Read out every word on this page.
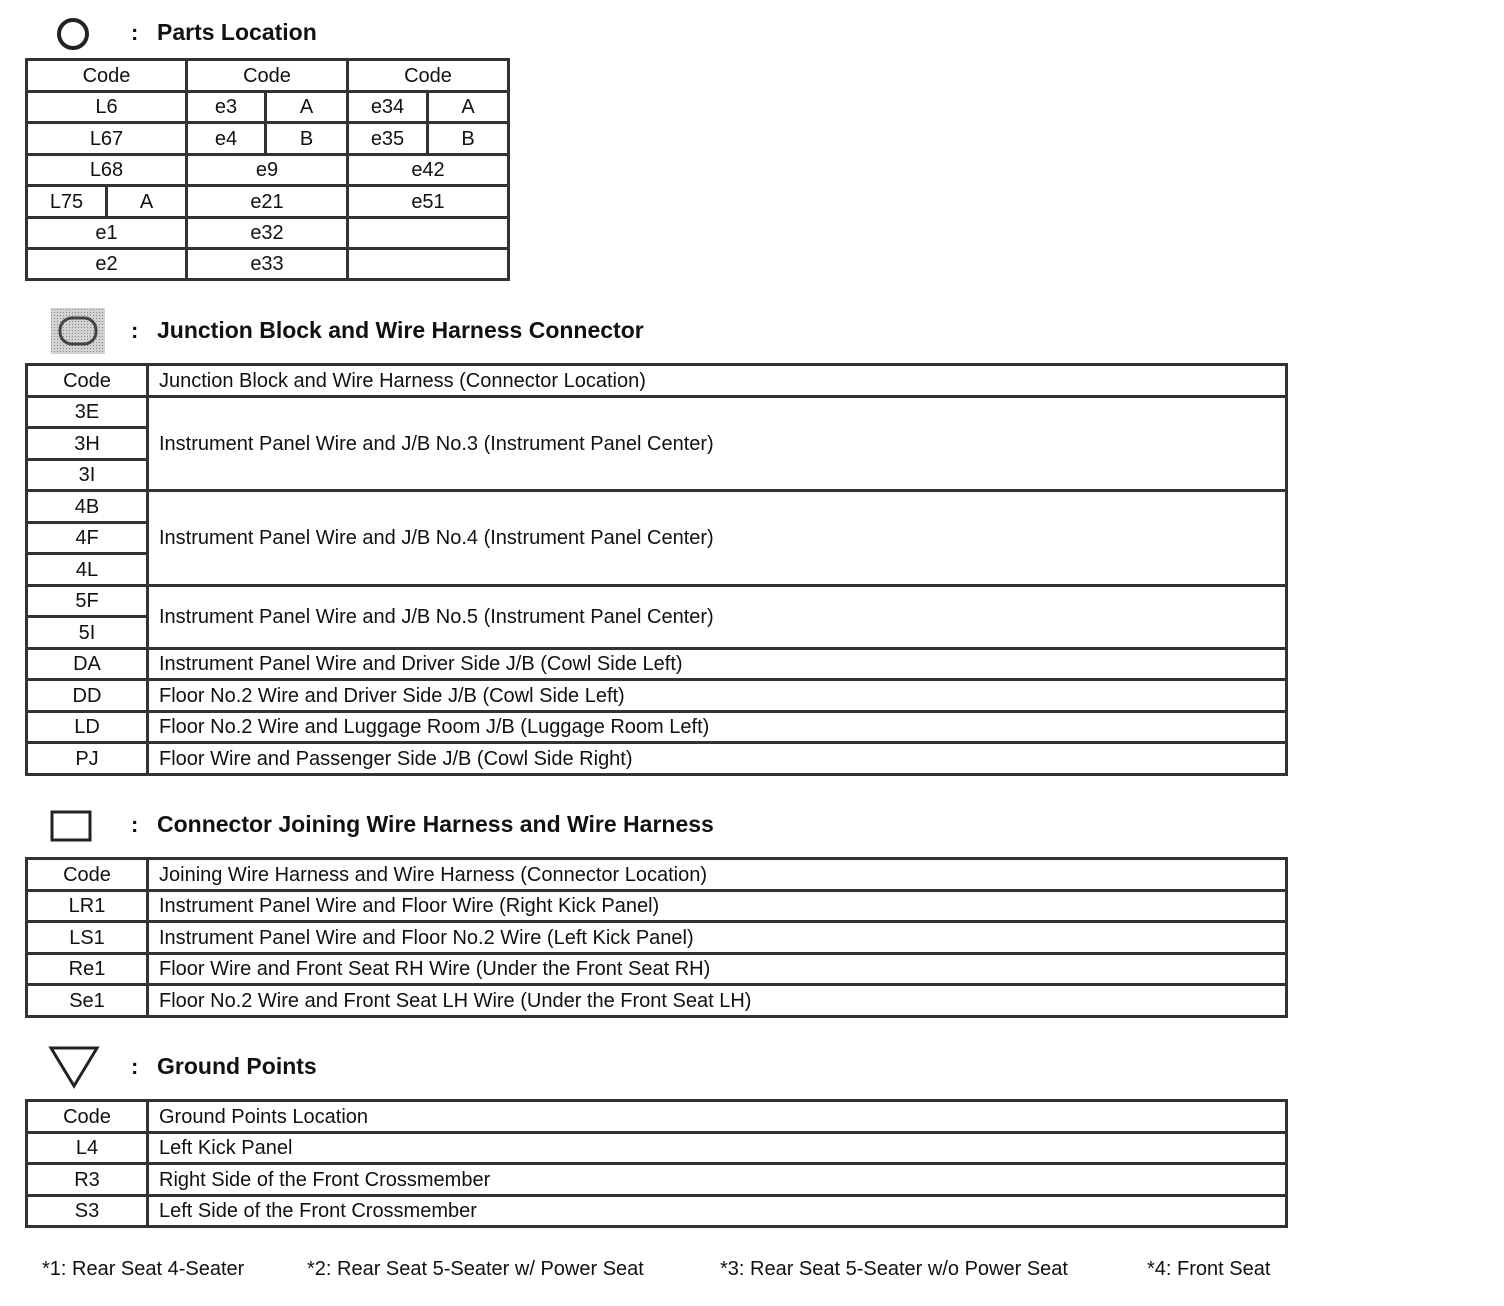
: Parts Location
Code		Code		Code	
L6		e3	A	e34	A
L67		e4	B	e35	B
L68		e9		e42	
L75	A	e21		e51	
e1		e32			
e2		e33			
: Junction Block and Wire Harness Connector
Code	Junction Block and Wire Harness (Connector Location)
3E	Instrument Panel Wire and J/B No.3 (Instrument Panel Center)
3H	
3I	
4B	Instrument Panel Wire and J/B No.4 (Instrument Panel Center)
4F	
4L	
5F	Instrument Panel Wire and J/B No.5 (Instrument Panel Center)
5I	
DA	Instrument Panel Wire and Driver Side J/B (Cowl Side Left)
DD	Floor No.2 Wire and Driver Side J/B (Cowl Side Left)
LD	Floor No.2 Wire and Luggage Room J/B (Luggage Room Left)
PJ	Floor Wire and Passenger Side J/B (Cowl Side Right)
: Connector Joining Wire Harness and Wire Harness
Code	Joining Wire Harness and Wire Harness (Connector Location)
LR1	Instrument Panel Wire and Floor Wire (Right Kick Panel)
LS1	Instrument Panel Wire and Floor No.2 Wire (Left Kick Panel)
Re1	Floor Wire and Front Seat RH Wire (Under the Front Seat RH)
Se1	Floor No.2 Wire and Front Seat LH Wire (Under the Front Seat LH)
: Ground Points
Code	Ground Points Location
L4	Left Kick Panel
R3	Right Side of the Front Crossmember
S3	Left Side of the Front Crossmember
*1: Rear Seat 4-Seater	*2: Rear Seat 5-Seater w/ Power Seat	*3: Rear Seat 5-Seater w/o Power Seat	*4: Front Seat
